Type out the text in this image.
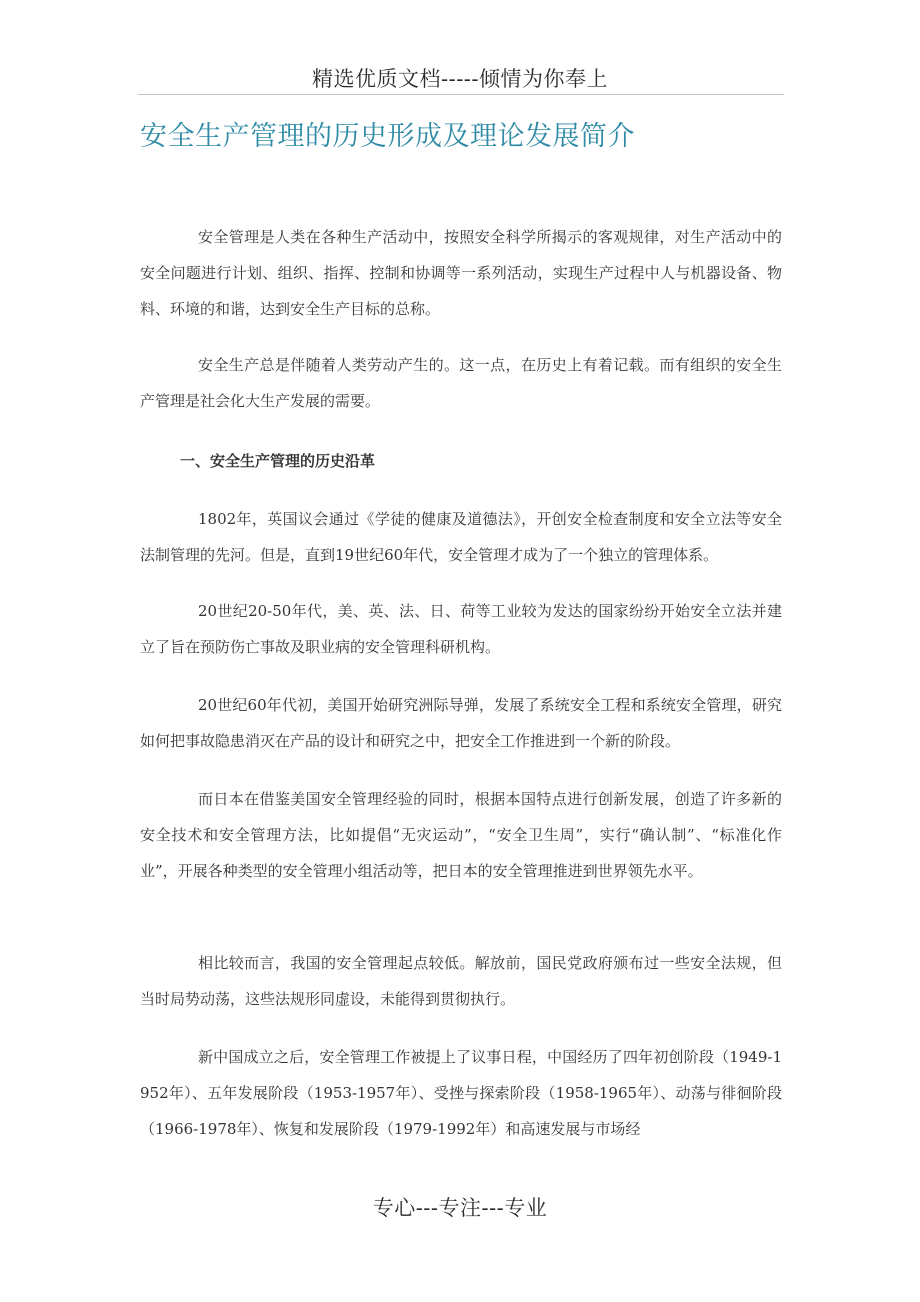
精选优质文档-----倾情为你奉上
安全生产管理的历史形成及理论发展简介

安全管理是人类在各种生产活动中，按照安全科学所揭示的客观规律，对生产活动中的安全问题进行计划、组织、指挥、控制和协调等一系列活动，实现生产过程中人与机器设备、物料、环境的和谐，达到安全生产目标的总称。

安全生产总是伴随着人类劳动产生的。这一点，在历史上有着记载。而有组织的安全生产管理是社会化大生产发展的需要。

一、安全生产管理的历史沿革

1802年，英国议会通过《学徒的健康及道德法》，开创安全检查制度和安全立法等安全法制管理的先河。但是，直到19世纪60年代，安全管理才成为了一个独立的管理体系。

20世纪20-50年代，美、英、法、日、荷等工业较为发达的国家纷纷开始安全立法并建立了旨在预防伤亡事故及职业病的安全管理科研机构。

20世纪60年代初，美国开始研究洲际导弹，发展了系统安全工程和系统安全管理，研究如何把事故隐患消灭在产品的设计和研究之中，把安全工作推进到一个新的阶段。

而日本在借鉴美国安全管理经验的同时，根据本国特点进行创新发展，创造了许多新的安全技术和安全管理方法，比如提倡“无灾运动”，“安全卫生周”，实行“确认制”、“标准化作业”，开展各种类型的安全管理小组活动等，把日本的安全管理推进到世界领先水平。

相比较而言，我国的安全管理起点较低。解放前，国民党政府颁布过一些安全法规，但当时局势动荡，这些法规形同虚设，未能得到贯彻执行。

新中国成立之后，安全管理工作被提上了议事日程，中国经历了四年初创阶段（1949-1952年）、五年发展阶段（1953-1957年）、受挫与探索阶段（1958-1965年）、动荡与徘徊阶段（1966-1978年）、恢复和发展阶段（1979-1992年）和高速发展与市场经

专心---专注---专业
